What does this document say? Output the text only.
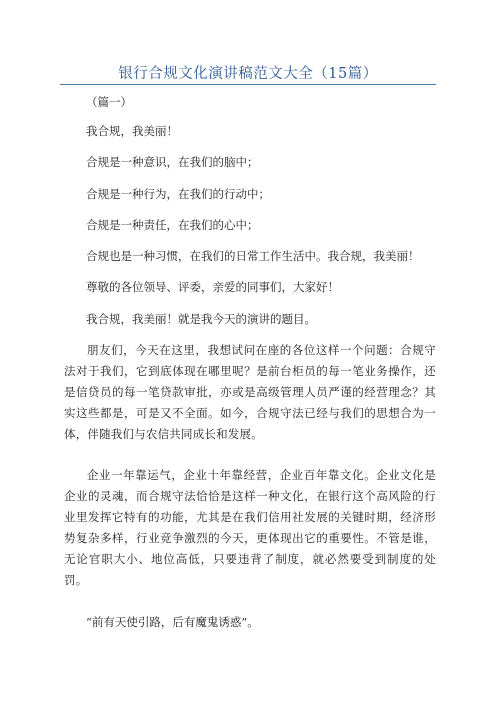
银行合规文化演讲稿范文大全（15篇）
（篇一）
我合规，我美丽！
合规是一种意识，在我们的脑中；
合规是一种行为，在我们的行动中；
合规是一种责任，在我们的心中；
合规也是一种习惯，在我们的日常工作生活中。我合规，我美丽！
尊敬的各位领导、评委，亲爱的同事们，大家好！
我合规，我美丽！就是我今天的演讲的题目。
朋友们，今天在这里，我想试问在座的各位这样一个问题：合规守法对于我们，它到底体现在哪里呢？是前台柜员的每一笔业务操作，还是信贷员的每一笔贷款审批，亦或是高级管理人员严谨的经营理念？其实这些都是，可是又不全面。如今，合规守法已经与我们的思想合为一体，伴随我们与农信共同成长和发展。
企业一年靠运气，企业十年靠经营，企业百年靠文化。企业文化是企业的灵魂，而合规守法恰恰是这样一种文化，在银行这个高风险的行业里发挥它特有的功能，尤其是在我们信用社发展的关键时期，经济形势复杂多样，行业竞争激烈的今天，更体现出它的重要性。不管是谁，无论官职大小、地位高低，只要违背了制度，就必然要受到制度的处罚。
“前有天使引路，后有魔鬼诱惑”。
